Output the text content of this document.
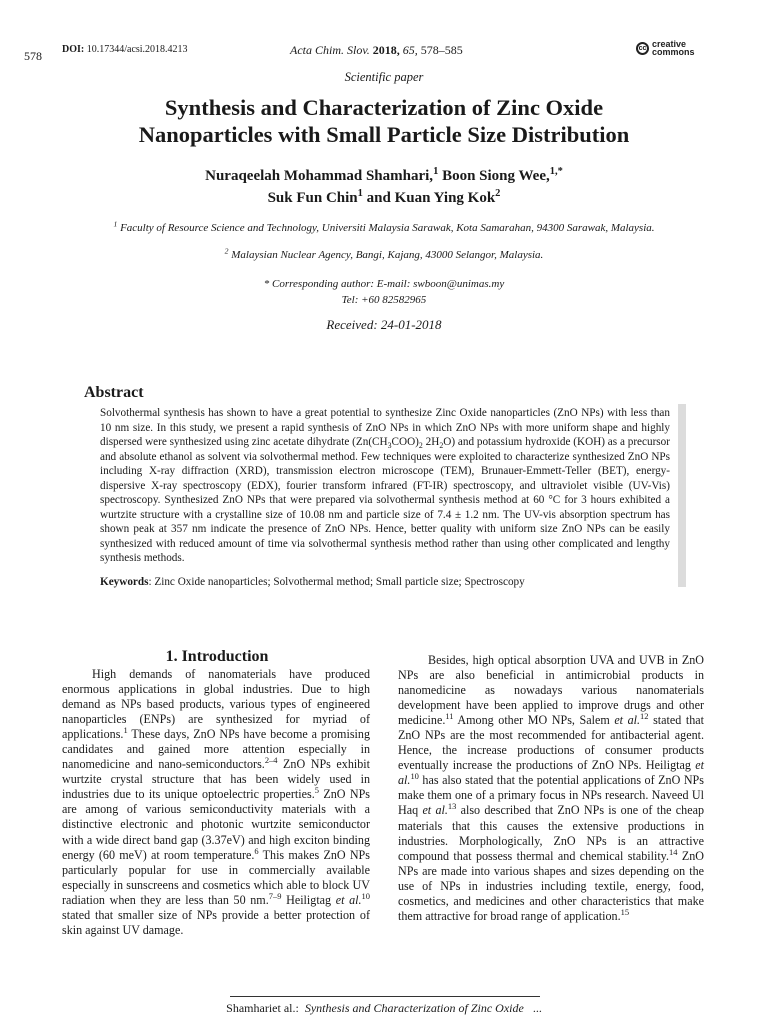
578 DOI: 10.17344/acsi.2018.4213	Acta Chim. Slov. 2018, 65, 578–585	cc creative
commons
Scientific paper
Synthesis and Characterization of Zinc Oxide
Nanoparticles with Small Particle Size Distribution
Nuraqeelah Mohammad Shamhari,$^1$ Boon Siong Wee,$^{1,*}$
Suk Fun Chin$^1$ and Kuan Ying Kok$^2$
$^1$ Faculty of Resource Science and Technology, Universiti Malaysia Sarawak, Kota Samarahan, 94300 Sarawak, Malaysia.
$^2$ Malaysian Nuclear Agency, Bangi, Kajang, 43000 Selangor, Malaysia.
* Corresponding author: E-mail: swboon@unimas.my
Tel: +60 82582965
Received: 24-01-2018
Abstract
Solvothermal synthesis has shown to have a great potential to synthesize Zinc Oxide nanoparticles (ZnO NPs) with less than 10 nm size. In this study, we present a rapid synthesis of ZnO NPs in which ZnO NPs with more uniform shape and highly dispersed were synthesized using zinc acetate dihydrate ($Zn(CH_3COO)_2$ $2H_2O$) and potassium hydroxide (KOH) as a precursor and absolute ethanol as solvent via solvothermal method. Few techniques were exploited to characterize synthesized ZnO NPs including X-ray diffraction (XRD), transmission electron microscope (TEM), Brunauer-Emmett-Teller (BET), energy-dispersive X-ray spectroscopy (EDX), fourier transform infrared (FT-IR) spectroscopy, and ultraviolet visible (UV-Vis) spectroscopy. Synthesized ZnO NPs that were prepared via solvothermal synthesis method at 60 °C for 3 hours exhibited a wurtzite structure with a crystalline size of 10.08 nm and particle size of 7.4 ± 1.2 nm. The UV-vis absorption spectrum has shown peak at 357 nm indicate the presence of ZnO NPs. Hence, better quality with uniform size ZnO NPs can be easily synthesized with reduced amount of time via solvothermal synthesis method rather than using other complicated and lengthy synthesis methods.
Keywords: Zinc Oxide nanoparticles; Solvothermal method; Small particle size; Spectroscopy
1. Introduction

High demands of nanomaterials have produced enormous applications in global industries. Due to high demand as NPs based products, various types of engineered nanoparticles (ENPs) are synthesized for myriad of applications.$^1$ These days, ZnO NPs have become a promising candidates and gained more attention especially in nanomedicine and nano-semiconductors.$^{2-4}$ ZnO NPs exhibit wurtzite crystal structure that has been widely used in industries due to its unique optoelectric properties.$^5$ ZnO NPs are among of various semiconductivity materials with a distinctive electronic and photonic wurtzite semiconductor with a wide direct band gap (3.37eV) and high exciton binding energy (60 meV) at room temperature.$^6$ This makes ZnO NPs particularly popular for use in commercially available especially in sunscreens and cosmetics which able to block UV radiation when they are less than 50 nm.$^{7-9}$ Heiligtag et al.$^{10}$ stated that smaller size of NPs provide a better protection of skin against UV damage.

Besides, high optical absorption UVA and UVB in ZnO NPs are also beneficial in antimicrobial products in nanomedicine as nowadays various nanomaterials development have been applied to improve drugs and other medicine.$^{11}$ Among other MO NPs, Salem et al.$^{12}$ stated that ZnO NPs are the most recommended for antibacterial agent. Hence, the increase productions of consumer products eventually increase the productions of ZnO NPs. Heiligtag et al.$^{10}$ has also stated that the potential applications of ZnO NPs make them one of a primary focus in NPs research. Naveed Ul Haq et al.$^{13}$ also described that ZnO NPs is one of the cheap materials that this causes the extensive productions in industries. Morphologically, ZnO NPs is an attractive compound that possess thermal and chemical stability.$^{14}$ ZnO NPs are made into various shapes and sizes depending on the use of NPs in industries including textile, energy, food, cosmetics, and medicines and other characteristics that make them attractive for broad range of application.$^{15}$

Shamhariet al.: Synthesis and Characterization of Zinc Oxide ...
